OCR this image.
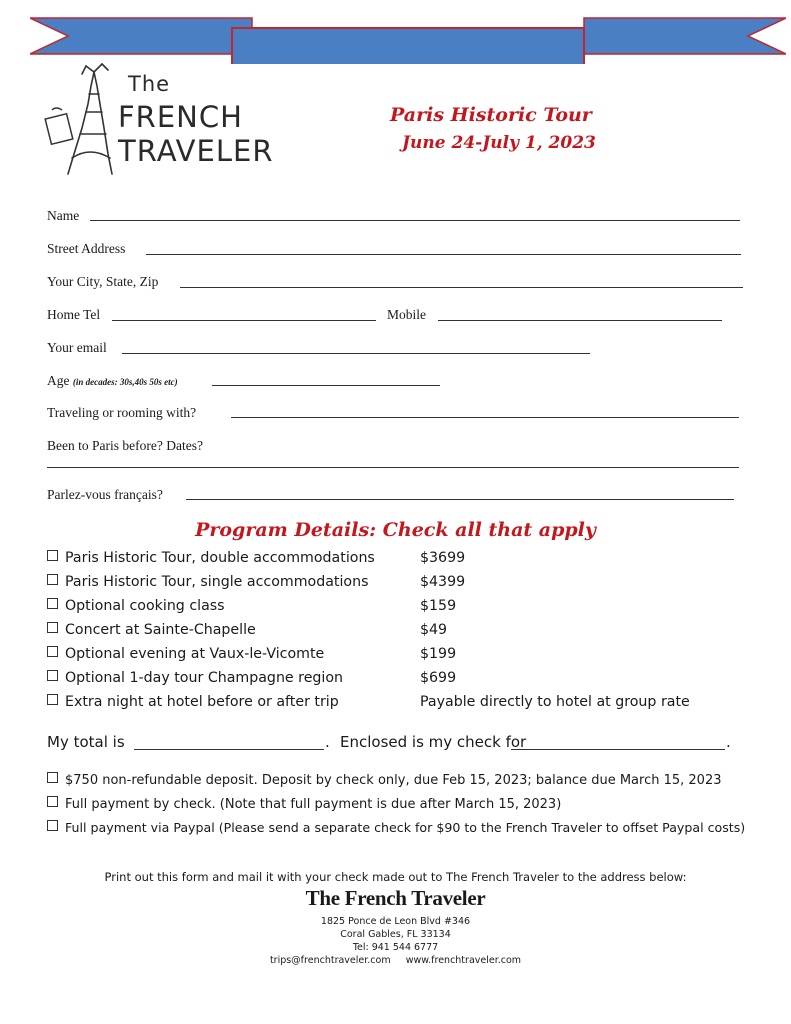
The
FRENCH
TRAVELER
Paris Historic Tour
June 24-July 1, 2023
Name
Street Address
Your City, State, Zip
Home Tel	Mobile
Your email
Age (in decades: 30s,40s 50s etc)
Traveling or rooming with?
Been to Paris before? Dates?
Parlez-vous français?
Program Details: Check all that apply
Paris Historic Tour, double accommodations	$3699
Paris Historic Tour, single accommodations	$4399
Optional cooking class	$159
Concert at Sainte-Chapelle	$49
Optional evening at Vaux-le-Vicomte	$199
Optional 1-day tour Champagne region	$699
Extra night at hotel before or after trip	Payable directly to hotel at group rate
My total is	. Enclosed is my check for	.
$750 non-refundable deposit. Deposit by check only, due Feb 15, 2023; balance due March 15, 2023
Full payment by check. (Note that full payment is due after March 15, 2023)
Full payment via Paypal (Please send a separate check for $90 to the French Traveler to offset Paypal costs)
Print out this form and mail it with your check made out to The French Traveler to the address below:
The French Traveler
1825 Ponce de Leon Blvd #346
Coral Gables, FL 33134
Tel: 941 544 6777
trips@frenchtraveler.com www.frenchtraveler.com
